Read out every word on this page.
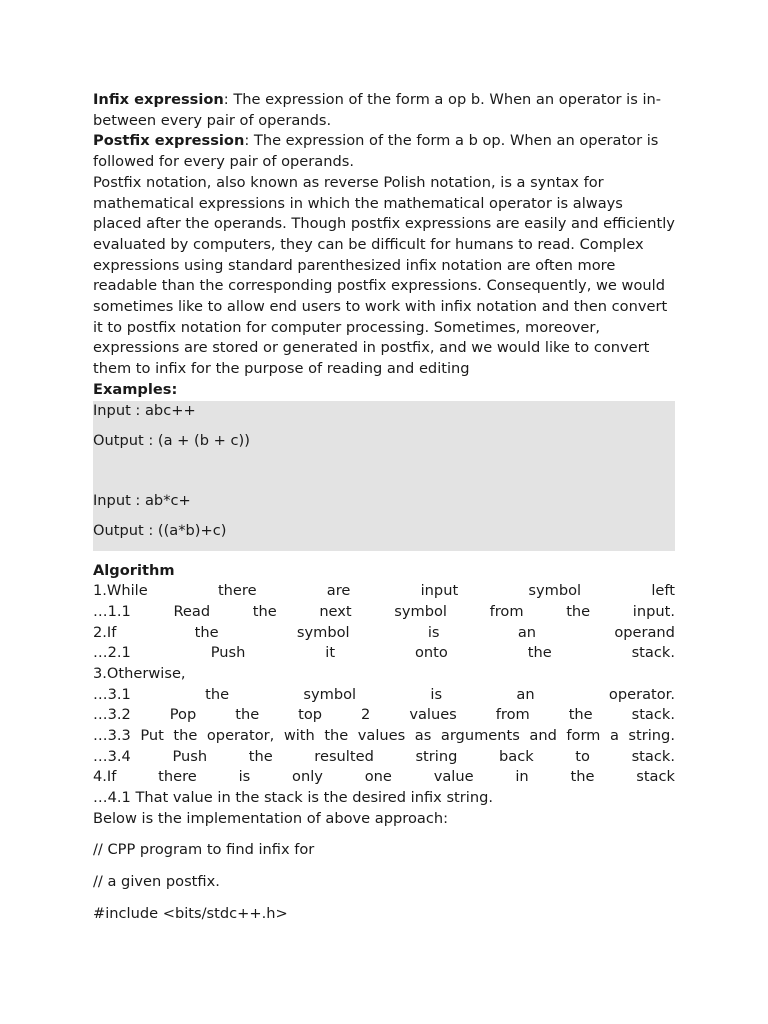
Infix expression: The expression of the form a op b. When an operator is in-between every pair of operands.

Postfix expression: The expression of the form a b op. When an operator is followed for every pair of operands.

Postfix notation, also known as reverse Polish notation, is a syntax for mathematical expressions in which the mathematical operator is always placed after the operands. Though postfix expressions are easily and efficiently evaluated by computers, they can be difficult for humans to read. Complex expressions using standard parenthesized infix notation are often more readable than the corresponding postfix expressions. Consequently, we would sometimes like to allow end users to work with infix notation and then convert it to postfix notation for computer processing. Sometimes, moreover, expressions are stored or generated in postfix, and we would like to convert them to infix for the purpose of reading and editing

Examples:

Input : abc++
Output : (a + (b + c))
Input : ab*c+
Output : ((a*b)+c)

Algorithm

1.While	there	are	input	symbol	left
…1.1	Read	the	next	symbol	from	the	input.
2.If	the	symbol	is	an	operand
…2.1	Push	it	onto	the	stack.
3.Otherwise,
…3.1	the	symbol	is	an	operator.
…3.2	Pop	the	top	2	values	from	the	stack.
…3.3 Put the operator, with the values as arguments and form a string.
…3.4	Push	the	resulted	string	back	to	stack.
4.If	there	is	only	one	value	in	the	stack
…4.1 That value in the stack is the desired infix string.
Below is the implementation of above approach:
// CPP program to find infix for
// a given postfix.
#include <bits/stdc++.h>
